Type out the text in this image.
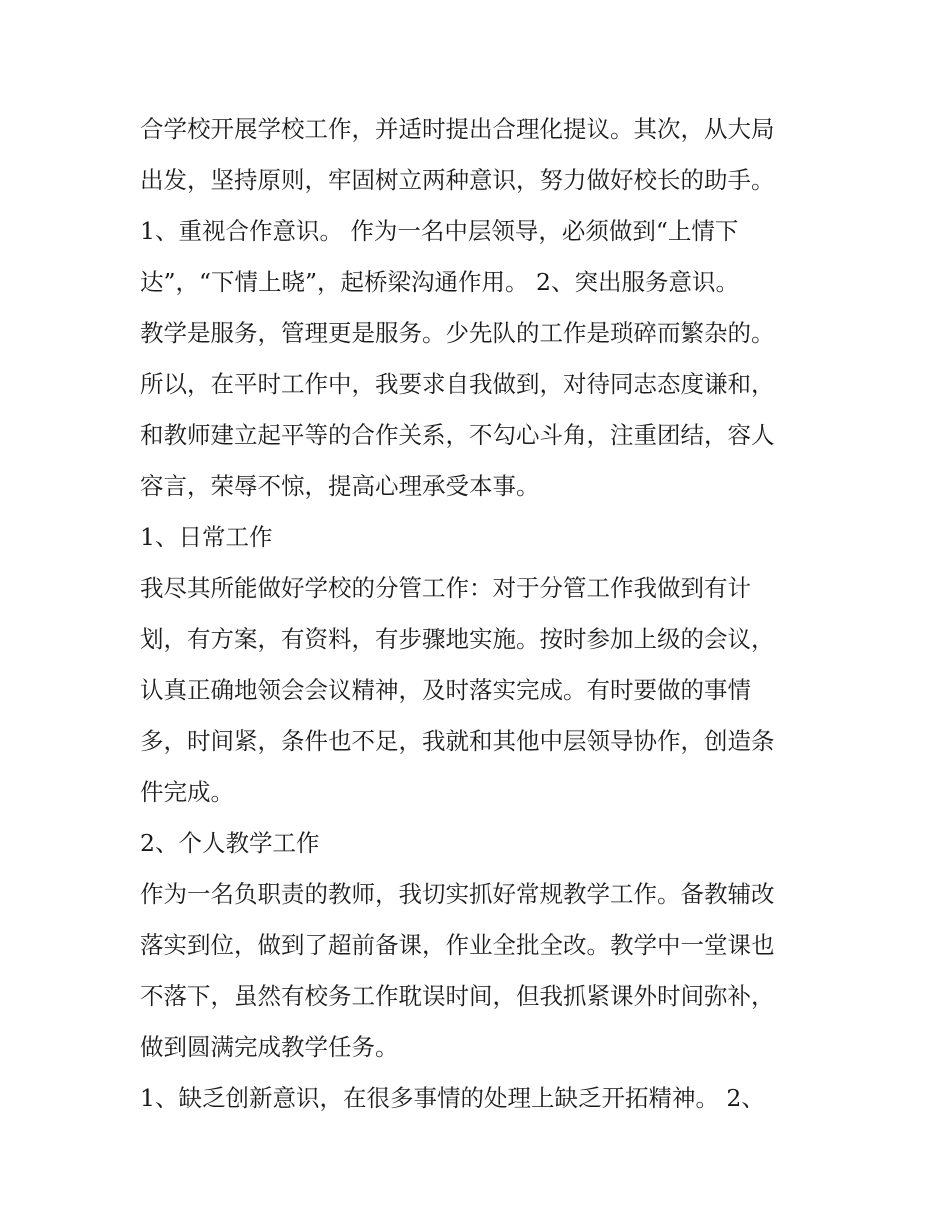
合学校开展学校工作，并适时提出合理化提议。其次，从大局
出发，坚持原则，牢固树立两种意识，努力做好校长的助手。
1、重视合作意识。 作为一名中层领导，必须做到“上情下
达”，“下情上晓”，起桥梁沟通作用。 2、突出服务意识。
教学是服务，管理更是服务。少先队的工作是琐碎而繁杂的。
所以，在平时工作中，我要求自我做到，对待同志态度谦和，
和教师建立起平等的合作关系，不勾心斗角，注重团结，容人
容言，荣辱不惊，提高心理承受本事。
1、日常工作
我尽其所能做好学校的分管工作：对于分管工作我做到有计
划，有方案，有资料，有步骤地实施。按时参加上级的会议，
认真正确地领会会议精神，及时落实完成。有时要做的事情
多，时间紧，条件也不足，我就和其他中层领导协作，创造条
件完成。
2、个人教学工作
作为一名负职责的教师，我切实抓好常规教学工作。备教辅改
落实到位，做到了超前备课，作业全批全改。教学中一堂课也
不落下，虽然有校务工作耽误时间，但我抓紧课外时间弥补，
做到圆满完成教学任务。
1、缺乏创新意识，在很多事情的处理上缺乏开拓精神。 2、
